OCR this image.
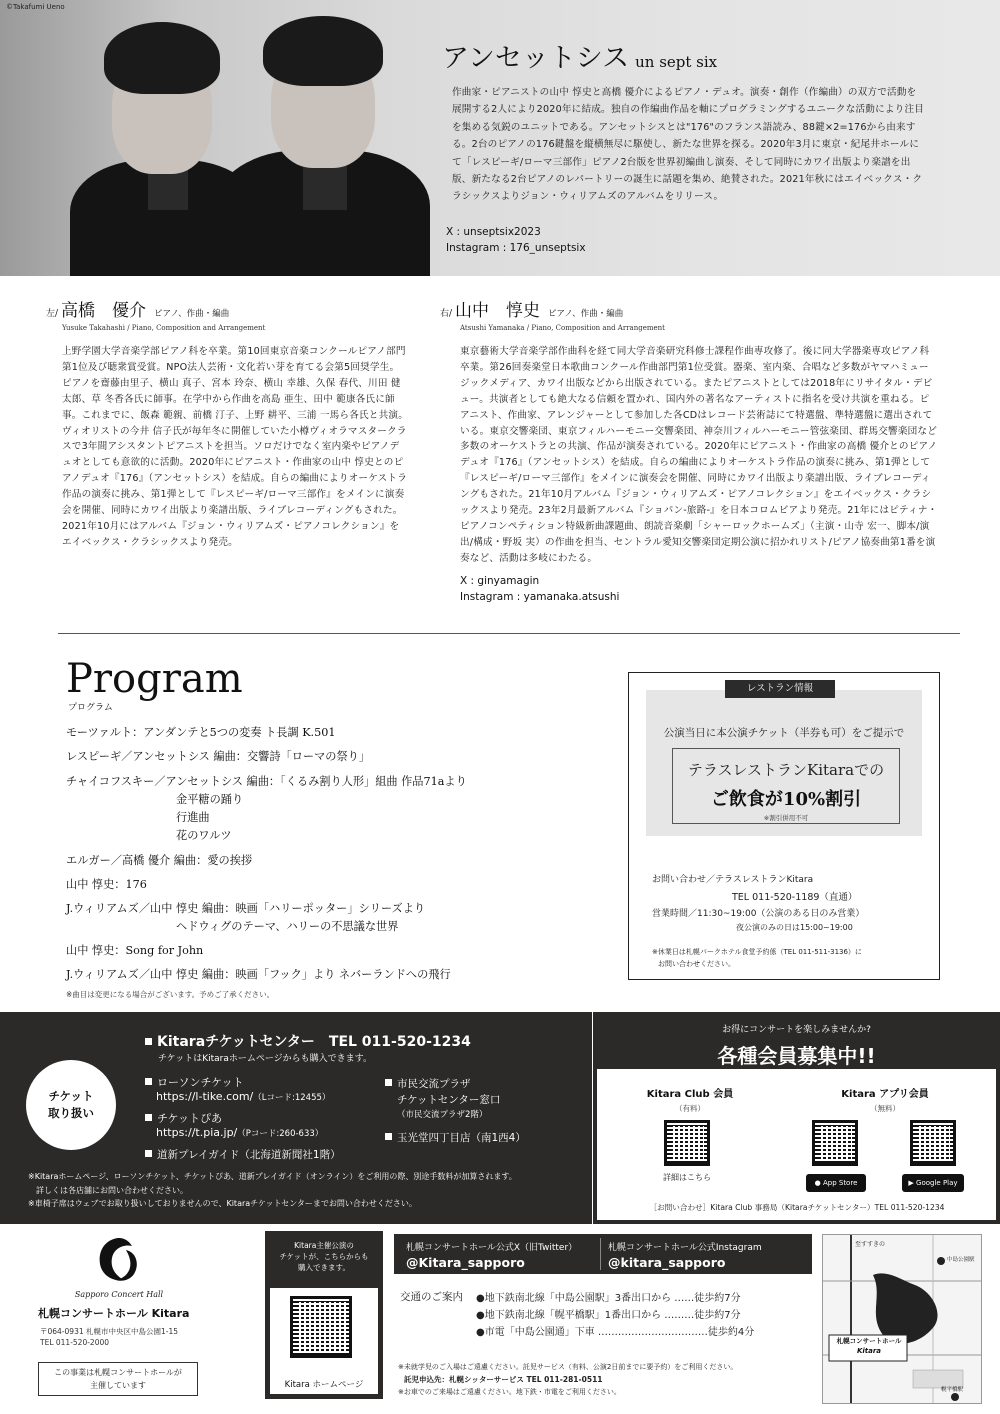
©Takafumi Ueno
アンセットシス un sept six
作曲家・ピアニストの山中 惇史と高橋 優介によるピアノ・デュオ。演奏・創作（作編曲）の双方で活動を展開する2人により2020年に結成。独自の作編曲作品を軸にプログラミングするユニークな活動により注目を集める気鋭のユニットである。アンセットシスとは"176"のフランス語読み、88鍵×2=176から由来する。2台のピアノの176鍵盤を縦横無尽に駆使し、新たな世界を探る。2020年3月に東京・紀尾井ホールにて「レスピーギ/ローマ三部作」ピアノ2台版を世界初編曲し演奏、そして同時にカワイ出版より楽譜を出版、新たなる2台ピアノのレパートリーの誕生に話題を集め、絶賛された。2021年秋にはエイベックス・クラシックスよりジョン・ウィリアムズのアルバムをリリース。
X : unseptsix2023
Instagram : 176_unseptsix
左/ 高橋　優介 ピアノ、作曲・編曲
Yusuke Takahashi / Piano, Composition and Arrangement
上野学園大学音楽学部ピアノ科を卒業。第10回東京音楽コンクールピアノ部門第1位及び聴衆賞受賞。NPO法人芸術・文化若い芽を育てる会第5回奨学生。ピアノを齋藤由里子、横山 真子、宮本 玲奈、横山 幸雄、久保 春代、川田 健太郎、草 冬香各氏に師事。在学中から作曲を高島 亜生、田中 範康各氏に師事。これまでに、飯森 範親、前橋 汀子、上野 耕平、三浦 一馬ら各氏と共演。ヴィオリストの今井 信子氏が毎年冬に開催していた小樽ヴィオラマスタークラスで3年間アシスタントピアニストを担当。ソロだけでなく室内楽やピアノデュオとしても意欲的に活動。2020年にピアニスト・作曲家の山中 惇史とのピアノデュオ『176』（アンセットシス）を結成。自らの編曲によりオーケストラ作品の演奏に挑み、第1弾として『レスピーギ/ローマ三部作』をメインに演奏会を開催、同時にカワイ出版より楽譜出版、ライブレコーディングもされた。2021年10月にはアルバム『ジョン・ウィリアムズ・ピアノコレクション』をエイベックス・クラシックスより発売。
右/ 山中　惇史 ピアノ、作曲・編曲
Atsushi Yamanaka / Piano, Composition and Arrangement
東京藝術大学音楽学部作曲科を経て同大学音楽研究科修士課程作曲専攻修了。後に同大学器楽専攻ピアノ科卒業。第26回奏楽堂日本歌曲コンクール作曲部門第1位受賞。器楽、室内楽、合唱など多数がヤマハミュージックメディア、カワイ出版などから出版されている。またピアニストとしては2018年にリサイタル・デビュー。共演者としても絶大なる信頼を置かれ、国内外の著名なアーティストに指名を受け共演を重ねる。ピアニスト、作曲家、アレンジャーとして参加した各CDはレコード芸術誌にて特選盤、準特選盤に選出されている。東京交響楽団、東京フィルハーモニー交響楽団、神奈川フィルハーモニー管弦楽団、群馬交響楽団など多数のオーケストラとの共演、作品が演奏されている。2020年にピアニスト・作曲家の高橋 優介とのピアノデュオ『176』（アンセットシス）を結成。自らの編曲によりオーケストラ作品の演奏に挑み、第1弾として『レスピーギ/ローマ三部作』をメインに演奏会を開催、同時にカワイ出版より楽譜出版、ライブレコーディングもされた。21年10月アルバム『ジョン・ウィリアムズ・ピアノコレクション』をエイベックス・クラシックスより発売。23年2月最新アルバム『ショパン-旅路-』を日本コロムビアより発売。21年にはピティナ・ピアノコンペティション特級新曲課題曲、朗読音楽劇「シャーロックホームズ」（主演・山寺 宏一、脚本/演出/構成・野坂 実）の作曲を担当、セントラル愛知交響楽団定期公演に招かれリスト/ピアノ協奏曲第1番を演奏など、活動は多岐にわたる。
X : ginyamagin
Instagram : yamanaka.atsushi
Program
プログラム
モーツァルト：アンダンテと5つの変奏 ト長調 K.501
レスピーギ／アンセットシス 編曲：交響詩「ローマの祭り」
チャイコフスキー／アンセットシス 編曲：「くるみ割り人形」組曲 作品71aより
金平糖の踊り
行進曲
花のワルツ
エルガー／高橋 優介 編曲：愛の挨拶
山中 惇史：176
J.ウィリアムズ／山中 惇史 編曲：映画「ハリーポッター」シリーズより
ヘドウィグのテーマ、ハリーの不思議な世界
山中 惇史：Song for John
J.ウィリアムズ／山中 惇史 編曲：映画「フック」より ネバーランドへの飛行
※曲目は変更になる場合がございます。予めご了承ください。
レストラン情報
公演当日に本公演チケット（半券も可）をご提示で
テラスレストランKitaraでの
ご飲食が10%割引
※割引併用不可
お問い合わせ／テラスレストランKitara
TEL 011-520-1189（直通）
営業時間／11:30~19:00（公演のある日のみ営業）
夜公演のみの日は15:00~19:00
※休業日は札幌パークホテル食堂予約係（TEL 011-511-3136）に
お問い合わせください。
チケット
取り扱い
Kitaraチケットセンター　TEL 011-520-1234
チケットはKitaraホームページからも購入できます。
ローソンチケット
https://l-tike.com/（Lコード:12455）
チケットぴあ
https://t.pia.jp/（Pコード:260-633）
道新プレイガイド（北海道新聞社1階）
市民交流プラザ
チケットセンター窓口
（市民交流プラザ2階）
玉光堂四丁目店（南1西4）
※Kitaraホームページ、ローソンチケット、チケットぴあ、道新プレイガイド（オンライン）をご利用の際、別途手数料が加算されます。
詳しくは各店舗にお問い合わせください。
※車椅子席はウェブでお取り扱いしておりませんので、Kitaraチケットセンターまでお問い合わせください。
お得にコンサートを楽しみませんか?
各種会員募集中!!
Kitara Club 会員
（有料）
詳細はこちら
Kitara アプリ会員
（無料）
● App Store	▶ Google Play
［お問い合わせ］Kitara Club 事務局（Kitaraチケットセンター）TEL 011-520-1234
Sapporo Concert Hall
札幌コンサートホール Kitara
〒064-0931 札幌市中央区中島公園1-15
TEL 011-520-2000
この事業は札幌コンサートホールが
主催しています
Kitara主催公演の
チケットが、こちらからも
購入できます。
Kitara ホームページ
札幌コンサートホール公式X（旧Twitter）
@Kitara_sapporo
札幌コンサートホール公式Instagram
@kitara_sapporo
交通のご案内 ●地下鉄南北線「中島公園駅」3番出口から ……徒歩約7分
●地下鉄南北線「幌平橋駅」1番出口から ………徒歩約7分
●市電「中島公園通」下車 ……………………………徒歩約4分
※未就学児のご入場はご遠慮ください。託児サービス（有料、公演2日前までに要予約）をご利用ください。
託児申込先：札幌シッターサービス TEL 011-281-0511
※お車でのご来場はご遠慮ください。地下鉄・市電をご利用ください。
札幌コンサートホール
Kitara
至すすきの
中島公園駅
幌平橋駅
